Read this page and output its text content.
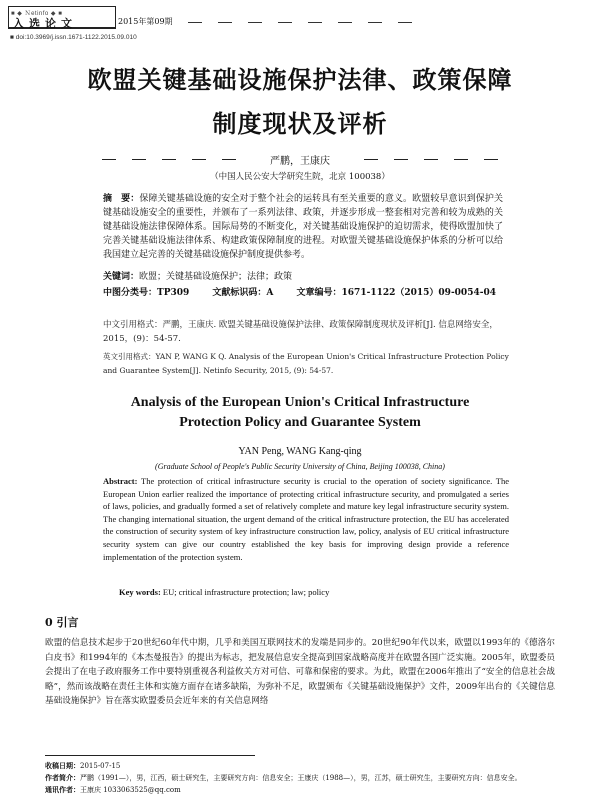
■ ◆ Ｎetinfo ◆ ■
入选论文	2015年第09期
■ doi:10.3969/j.issn.1671-1122.2015.09.010
欧盟关键基础设施保护法律、政策保障
制度现状及评析
严鹏，王康庆
（中国人民公安大学研究生院，北京 100038）
摘　要：保障关键基础设施的安全对于整个社会的运转具有至关重要的意义。欧盟较早意识到保护关键基础设施安全的重要性，并颁布了一系列法律、政策，并逐步形成一整套相对完善和较为成熟的关键基础设施法律保障体系。国际局势的不断变化，对关键基础设施保护的迫切需求，使得欧盟加快了完善关键基础设施法律体系、构建政策保障制度的进程。对欧盟关键基础设施保护体系的分析可以给我国建立起完善的关键基础设施保护制度提供参考。
关键词：欧盟；关键基础设施保护；法律；政策
中图分类号：TP309	文献标识码：A	文章编号：1671-1122（2015）09-0054-04
中文引用格式：严鹏，王康庆. 欧盟关键基础设施保护法律、政策保障制度现状及评析[J]. 信息网络安全，2015，(9)：54-57.
英文引用格式：YAN P, WANG K Q. Analysis of the European Union's Critical Infrastructure Protection Policy and Guarantee System[J]. Netinfo Security, 2015, (9): 54-57.
Analysis of the European Union's Critical Infrastructure
Protection Policy and Guarantee System
YAN Peng, WANG Kang-qing
(Graduate School of People's Public Security University of China, Beijing 100038, China)
Abstract: The protection of critical infrastructure security is crucial to the operation of society significance. The European Union earlier realized the importance of protecting critical infrastructure security, and promulgated a series of laws, policies, and gradually formed a set of relatively complete and mature key legal infrastructure security system. The changing international situation, the urgent demand of the critical infrastructure protection, the EU has accelerated the construction of security system of key infrastructure construction law, policy, analysis of EU critical infrastructure security system can give our country established the key basis for improving design provide a reference implementation of the protection system.
Key words: EU; critical infrastructure protection; law; policy
0 引言
欧盟的信息技术起步于20世纪60年代中期，几乎和美国互联网技术的发端是同步的。20世纪90年代以来，欧盟以1993年的《德洛尔白皮书》和1994年的《本杰曼报告》的提出为标志，把发展信息安全提高到国家战略高度并在欧盟各国广泛实施。2005年，欧盟委员会提出了在电子政府服务工作中要特别重视各利益攸关方对可信、可靠和保密的要求。为此，欧盟在2006年推出了“安全的信息社会战略”，然而该战略在责任主体和实施方面存在诸多缺陷，为弥补不足，欧盟颁布《关键基础设施保护》文件，2009年出台的《关键信息基础设施保护》旨在落实欧盟委员会近年来的有关信息网络
收稿日期：2015-07-15
作者简介：严鹏（1991—），男，江西，硕士研究生，主要研究方向：信息安全；王康庆（1988—），男，江苏，硕士研究生，主要研究方向：信息安全。
通讯作者：王康庆 1033063525@qq.com
